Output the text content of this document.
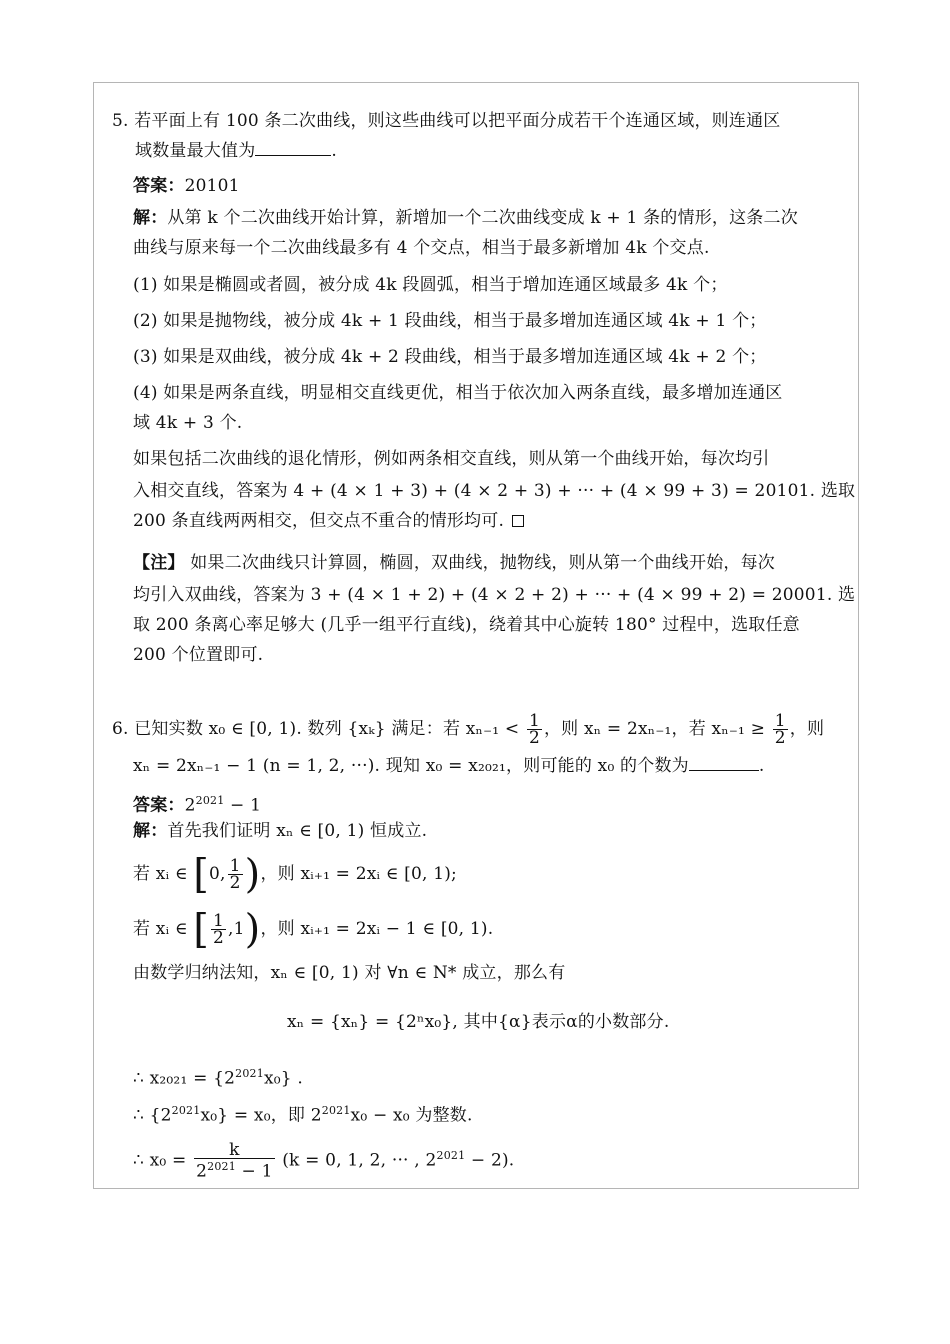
5. 若平面上有 100 条二次曲线，则这些曲线可以把平面分成若干个连通区域，则连通区
域数量最大值为	.
答案：20101
解：从第 k 个二次曲线开始计算，新增加一个二次曲线变成 k + 1 条的情形，这条二次
曲线与原来每一个二次曲线最多有 4 个交点，相当于最多新增加 4k 个交点.
(1) 如果是椭圆或者圆，被分成 4k 段圆弧，相当于增加连通区域最多 4k 个；
(2) 如果是抛物线，被分成 4k + 1 段曲线，相当于最多增加连通区域 4k + 1 个；
(3) 如果是双曲线，被分成 4k + 2 段曲线，相当于最多增加连通区域 4k + 2 个；
(4) 如果是两条直线，明显相交直线更优，相当于依次加入两条直线，最多增加连通区
域 4k + 3 个.
如果包括二次曲线的退化情形，例如两条相交直线，则从第一个曲线开始，每次均引
入相交直线，答案为 4 + (4 × 1 + 3) + (4 × 2 + 3) + ··· + (4 × 99 + 3) = 20101. 选取
200 条直线两两相交，但交点不重合的情形均可.
【注】 如果二次曲线只计算圆，椭圆，双曲线，抛物线，则从第一个曲线开始，每次
均引入双曲线，答案为 3 + (4 × 1 + 2) + (4 × 2 + 2) + ··· + (4 × 99 + 2) = 20001. 选
取 200 条离心率足够大 (几乎一组平行直线)，绕着其中心旋转 180° 过程中，选取任意
200 个位置即可.
6. 已知实数 x₀ ∈ [0, 1). 数列 {xₖ} 满足：若 $x_{n-1} < \frac{1}{2}$ ，则 xₙ = 2xₙ₋₁，若 $x_{n-1} \ge \frac{1}{2}$ ，则
xₙ = 2xₙ₋₁ − 1 (n = 1, 2, ···). 现知 x₀ = x₂₀₂₁，则可能的 x₀ 的个数为	.
答案：$2^{2021} - 1$
解：首先我们证明 xₙ ∈ [0, 1) 恒成立.
若 xᵢ ∈ [0, $\frac{1}{2}$ )，则 xᵢ₊₁ = 2xᵢ ∈ [0, 1);
若 xᵢ ∈ [ $\frac{1}{2} ,1$)，则 xᵢ₊₁ = 2xᵢ − 1 ∈ [0, 1).
由数学归纳法知，xₙ ∈ [0, 1) 对 ∀n ∈ N* 成立，那么有
xₙ = {xₙ} = {2ⁿx₀}, 其中{α}表示α的小数部分.
∴ $x_{2021} = \{2^{2021}x_0\}$ .
∴ $\{2^{2021}x_0\} = x_0$，即 $2^{2021}x_0 - x_0$ 为整数.
∴ $x_0 = \frac{k}{2^{2021} - 1} (k = 0$, 1, 2, ··· , $2^{2021} - 2$).
